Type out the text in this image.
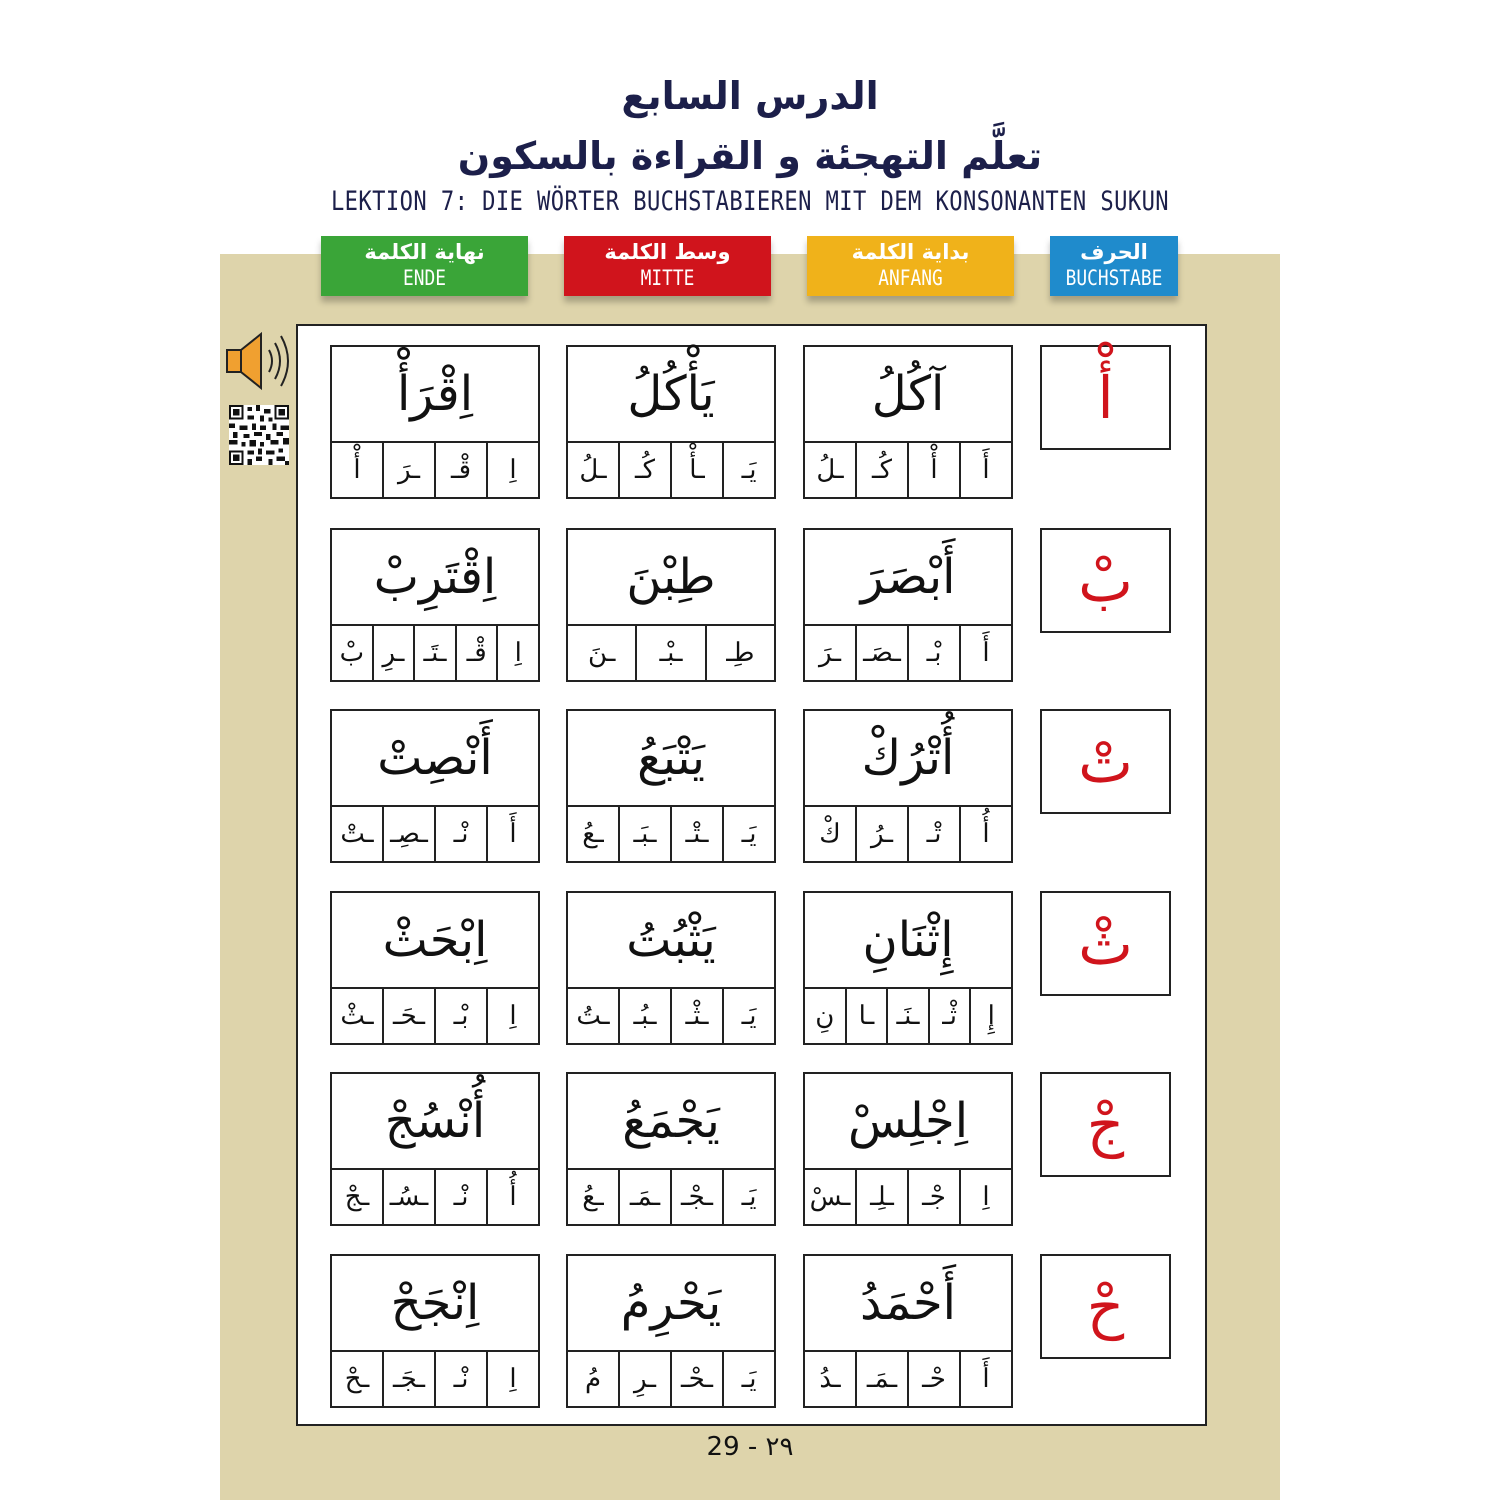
الدرس السابع
تعلَّم التهجئة و القراءة بالسكون
LEKTION 7: DIE WÖRTER BUCHSTABIEREN MIT DEM KONSONANTEN SUKUN
الحرف
BUCHSTABE
بداية الكلمة
ANFANG
وسط الكلمة
MITTE
نهاية الكلمة
ENDE
أْ
آكُلُ
أَ
أْ
كُـ
ـلُ
يَأْكُلُ
يَـ
ـأْ
كُـ
ـلُ
اِقْرَأْ
اِ
قْـ
ـرَ
أْ
بْ
أَبْصَرَ
أَ
بْـ
ـصَـ
ـرَ
طِبْنَ
طِـ
ـبْـ
ـنَ
اِقْتَرِبْ
اِ
قْـ
ـتَـ
ـرِ
بْ
تْ
أُتْرُكْ
أُ
تْـ
ـرُ
كْ
يَتْبَعُ
يَـ
ـتْـ
ـبَـ
ـعُ
أَنْصِتْ
أَ
نْـ
ـصِـ
ـتْ
ثْ
إِثْنَانِ
إِ
ثْـ
ـنَـ
ـا
نِ
يَثْبُتُ
يَـ
ـثْـ
ـبُـ
ـتُ
اِبْحَثْ
اِ
بْـ
ـحَـ
ـثْ
جْ
اِجْلِسْ
اِ
جْـ
ـلِـ
ـسْ
يَجْمَعُ
يَـ
ـجْـ
ـمَـ
ـعُ
أُنْسُجْ
أُ
نْـ
ـسُـ
ـجْ
حْ
أَحْمَدُ
أَ
حْـ
ـمَـ
ـدُ
يَحْرِمُ
يَـ
ـحْـ
ـرِ
مُ
اِنْجَحْ
اِ
نْـ
ـجَـ
ـحْ
29 - ٢٩
